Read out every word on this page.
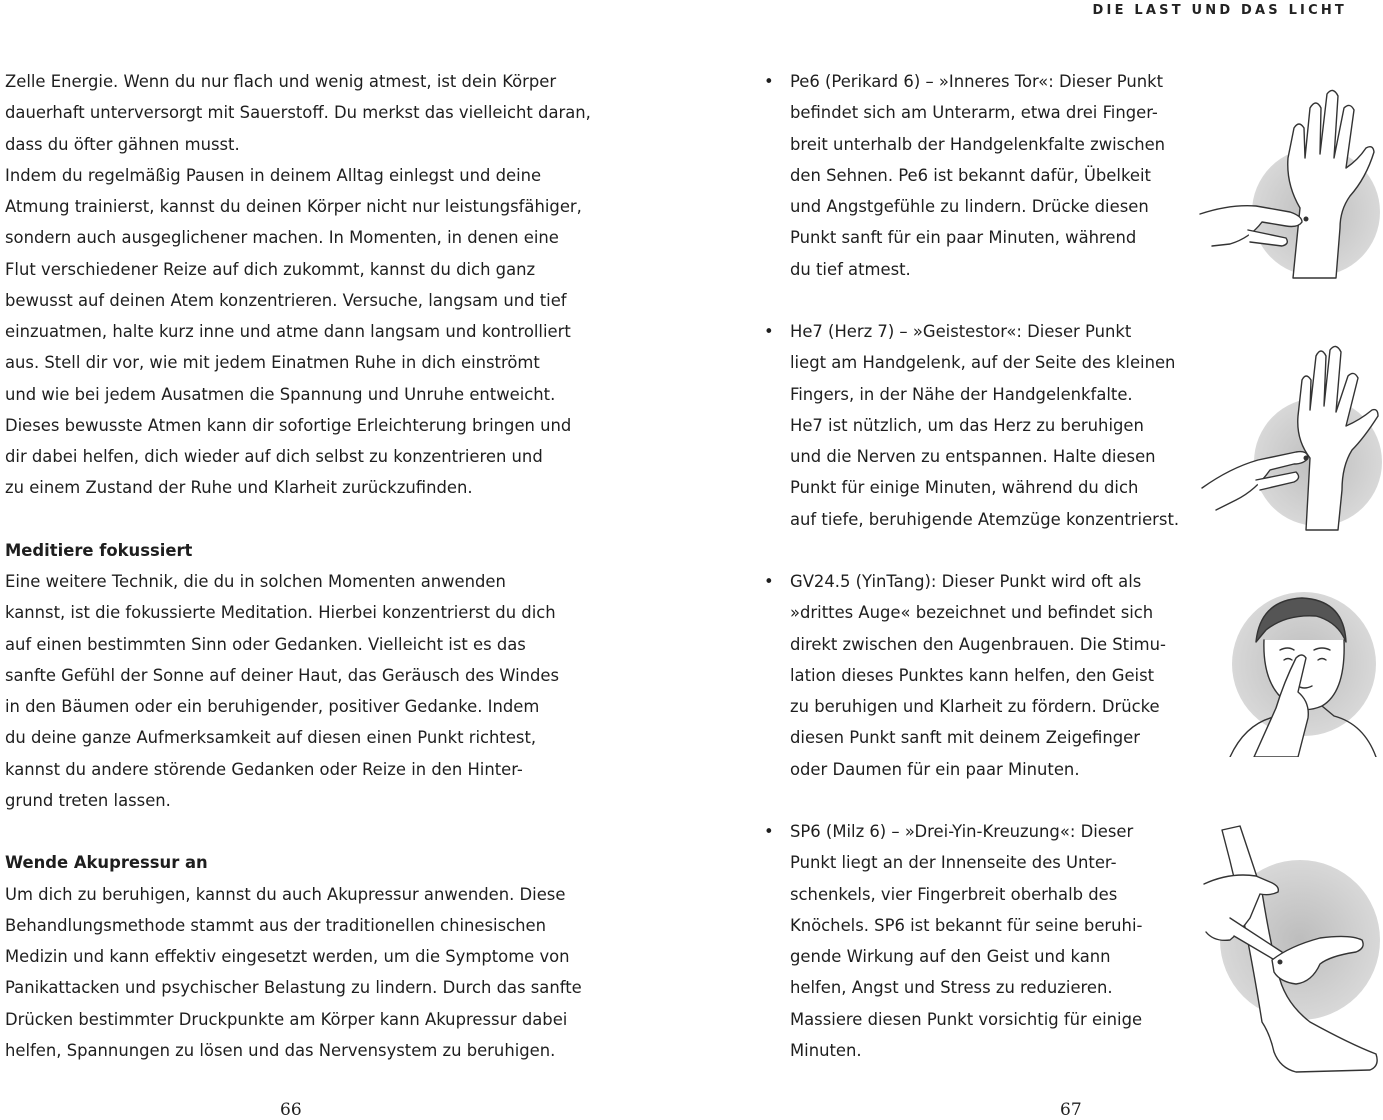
DIE LAST UND DAS LICHT
Zelle Energie. Wenn du nur flach und wenig atmest, ist dein Körper
dauerhaft unterversorgt mit Sauerstoff. Du merkst das vielleicht daran,
dass du öfter gähnen musst.
Indem du regelmäßig Pausen in deinem Alltag einlegst und deine
Atmung trainierst, kannst du deinen Körper nicht nur leistungsfähiger,
sondern auch ausgeglichener machen. In Momenten, in denen eine
Flut verschiedener Reize auf dich zukommt, kannst du dich ganz
bewusst auf deinen Atem konzentrieren. Versuche, langsam und tief
einzuatmen, halte kurz inne und atme dann langsam und kontrolliert
aus. Stell dir vor, wie mit jedem Einatmen Ruhe in dich einströmt
und wie bei jedem Ausatmen die Spannung und Unruhe entweicht.
Dieses bewusste Atmen kann dir sofortige Erleichterung bringen und
dir dabei helfen, dich wieder auf dich selbst zu konzentrieren und
zu einem Zustand der Ruhe und Klarheit zurückzufinden.
Meditiere fokussiert
Eine weitere Technik, die du in solchen Momenten anwenden
kannst, ist die fokussierte Meditation. Hierbei konzentrierst du dich
auf einen bestimmten Sinn oder Gedanken. Vielleicht ist es das
sanfte Gefühl der Sonne auf deiner Haut, das Geräusch des Windes
in den Bäumen oder ein beruhigender, positiver Gedanke. Indem
du deine ganze Aufmerksamkeit auf diesen einen Punkt richtest,
kannst du andere störende Gedanken oder Reize in den Hinter-
grund treten lassen.
Wende Akupressur an
Um dich zu beruhigen, kannst du auch Akupressur anwenden. Diese
Behandlungsmethode stammt aus der traditionellen chinesischen
Medizin und kann effektiv eingesetzt werden, um die Symptome von
Panikattacken und psychischer Belastung zu lindern. Durch das sanfte
Drücken bestimmter Druckpunkte am Körper kann Akupressur dabei
helfen, Spannungen zu lösen und das Nervensystem zu beruhigen.
• Pe6 (Perikard 6) – »Inneres Tor«: Dieser Punkt
befindet sich am Unterarm, etwa drei Finger-
breit unterhalb der Handgelenkfalte zwischen
den Sehnen. Pe6 ist bekannt dafür, Übelkeit
und Angstgefühle zu lindern. Drücke diesen
Punkt sanft für ein paar Minuten, während
du tief atmest.
• He7 (Herz 7) – »Geistestor«: Dieser Punkt
liegt am Handgelenk, auf der Seite des kleinen
Fingers, in der Nähe der Handgelenkfalte.
He7 ist nützlich, um das Herz zu beruhigen
und die Nerven zu entspannen. Halte diesen
Punkt für einige Minuten, während du dich
auf tiefe, beruhigende Atemzüge konzentrierst.
• GV24.5 (YinTang): Dieser Punkt wird oft als
»drittes Auge« bezeichnet und befindet sich
direkt zwischen den Augenbrauen. Die Stimu-
lation dieses Punktes kann helfen, den Geist
zu beruhigen und Klarheit zu fördern. Drücke
diesen Punkt sanft mit deinem Zeigefinger
oder Daumen für ein paar Minuten.
• SP6 (Milz 6) – »Drei-Yin-Kreuzung«: Dieser
Punkt liegt an der Innenseite des Unter-
schenkels, vier Fingerbreit oberhalb des
Knöchels. SP6 ist bekannt für seine beruhi-
gende Wirkung auf den Geist und kann
helfen, Angst und Stress zu reduzieren.
Massiere diesen Punkt vorsichtig für einige
Minuten.
66	67
